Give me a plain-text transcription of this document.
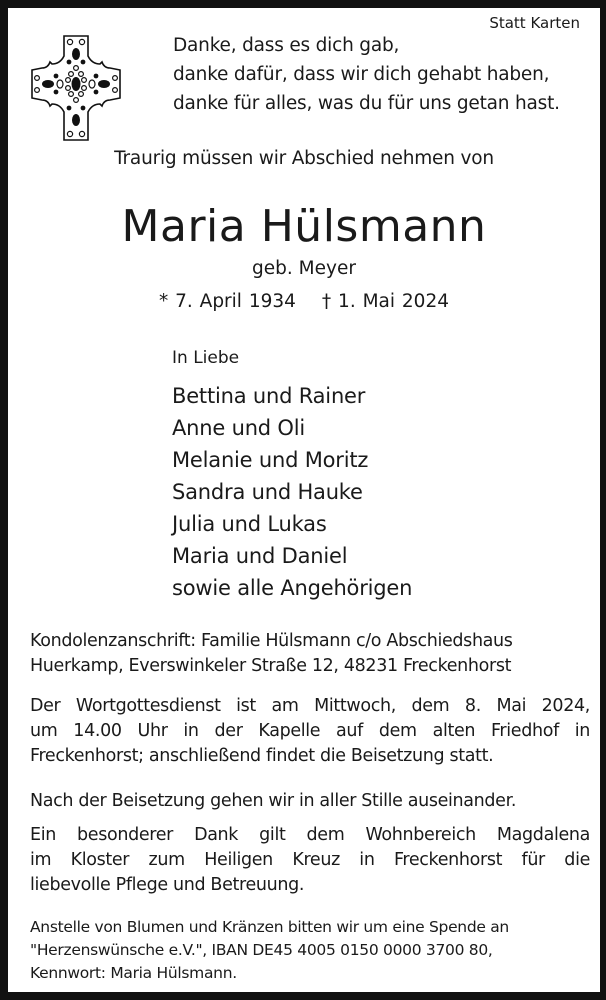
Statt Karten
Danke, dass es dich gab,
danke dafür, dass wir dich gehabt haben,
danke für alles, was du für uns getan hast.
Traurig müssen wir Abschied nehmen von
Maria Hülsmann
geb. Meyer
* 7. April 1934 † 1. Mai 2024
In Liebe
Bettina und Rainer
Anne und Oli
Melanie und Moritz
Sandra und Hauke
Julia und Lukas
Maria und Daniel
sowie alle Angehörigen
Kondolenzanschrift: Familie Hülsmann c/o Abschiedshaus
Huerkamp, Everswinkeler Straße 12, 48231 Freckenhorst
Der Wortgottesdienst ist am Mittwoch, dem 8. Mai 2024,
um 14.00 Uhr in der Kapelle auf dem alten Friedhof in
Freckenhorst; anschließend findet die Beisetzung statt.
Nach der Beisetzung gehen wir in aller Stille auseinander.
Ein besonderer Dank gilt dem Wohnbereich Magdalena
im Kloster zum Heiligen Kreuz in Freckenhorst für die
liebevolle Pflege und Betreuung.
Anstelle von Blumen und Kränzen bitten wir um eine Spende an
"Herzenswünsche e.V.", IBAN DE45 4005 0150 0000 3700 80,
Kennwort: Maria Hülsmann.
